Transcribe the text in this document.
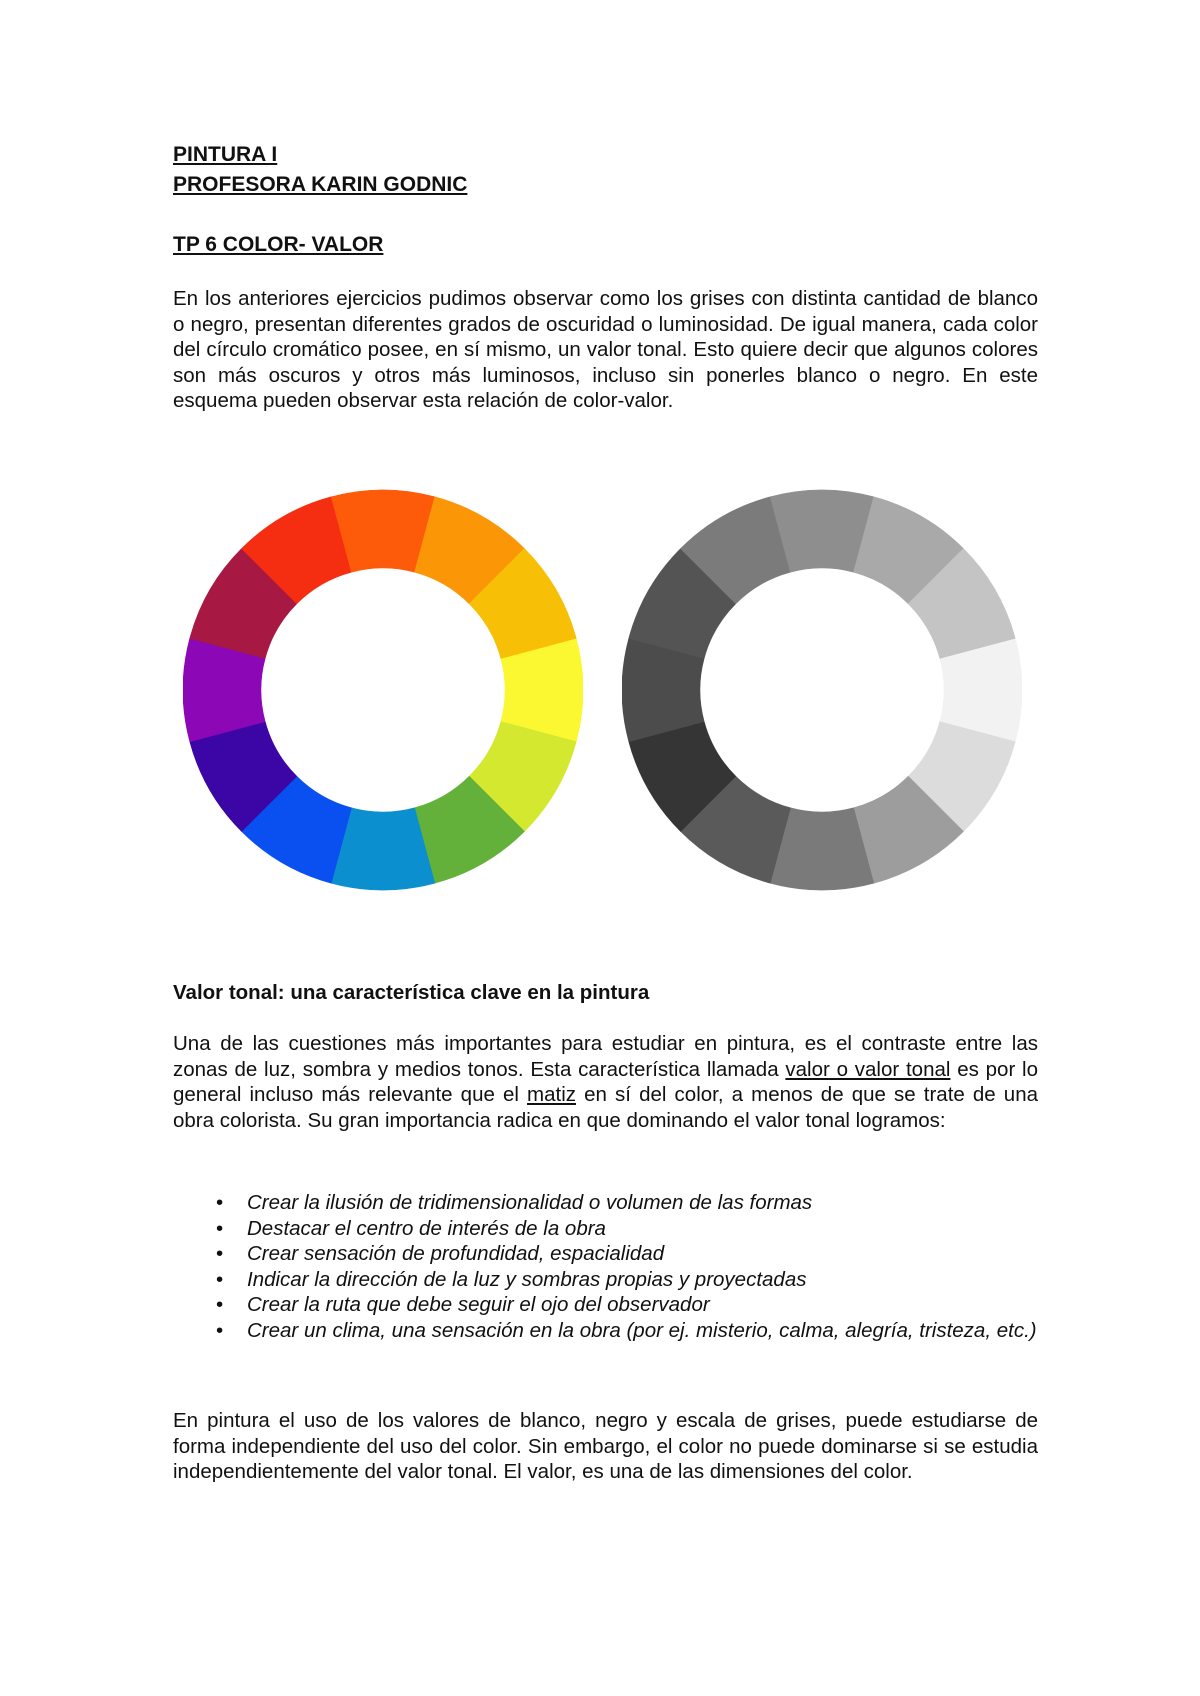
PINTURA I

PROFESORA KARIN GODNIC

TP 6 COLOR- VALOR

En los anteriores ejercicios pudimos observar como los grises con distinta cantidad de blanco o negro, presentan diferentes grados de oscuridad o luminosidad. De igual manera, cada color del círculo cromático posee, en sí mismo, un valor tonal. Esto quiere decir que algunos colores son más oscuros y otros más luminosos, incluso sin ponerles blanco o negro. En este esquema pueden observar esta relación de color-valor.

Valor tonal: una característica clave en la pintura

Una de las cuestiones más importantes para estudiar en pintura, es el contraste entre las zonas de luz, sombra y medios tonos. Esta característica llamada valor o valor tonal es por lo general incluso más relevante que el matiz en sí del color, a menos de que se trate de una obra colorista. Su gran importancia radica en que dominando el valor tonal logramos:

• Crear la ilusión de tridimensionalidad o volumen de las formas
• Destacar el centro de interés de la obra
• Crear sensación de profundidad, espacialidad
• Indicar la dirección de la luz y sombras propias y proyectadas
• Crear la ruta que debe seguir el ojo del observador
• Crear un clima, una sensación en la obra (por ej. misterio, calma, alegría, tristeza, etc.)

En pintura el uso de los valores de blanco, negro y escala de grises, puede estudiarse de forma independiente del uso del color. Sin embargo, el color no puede dominarse si se estudia independientemente del valor tonal. El valor, es una de las dimensiones del color.
